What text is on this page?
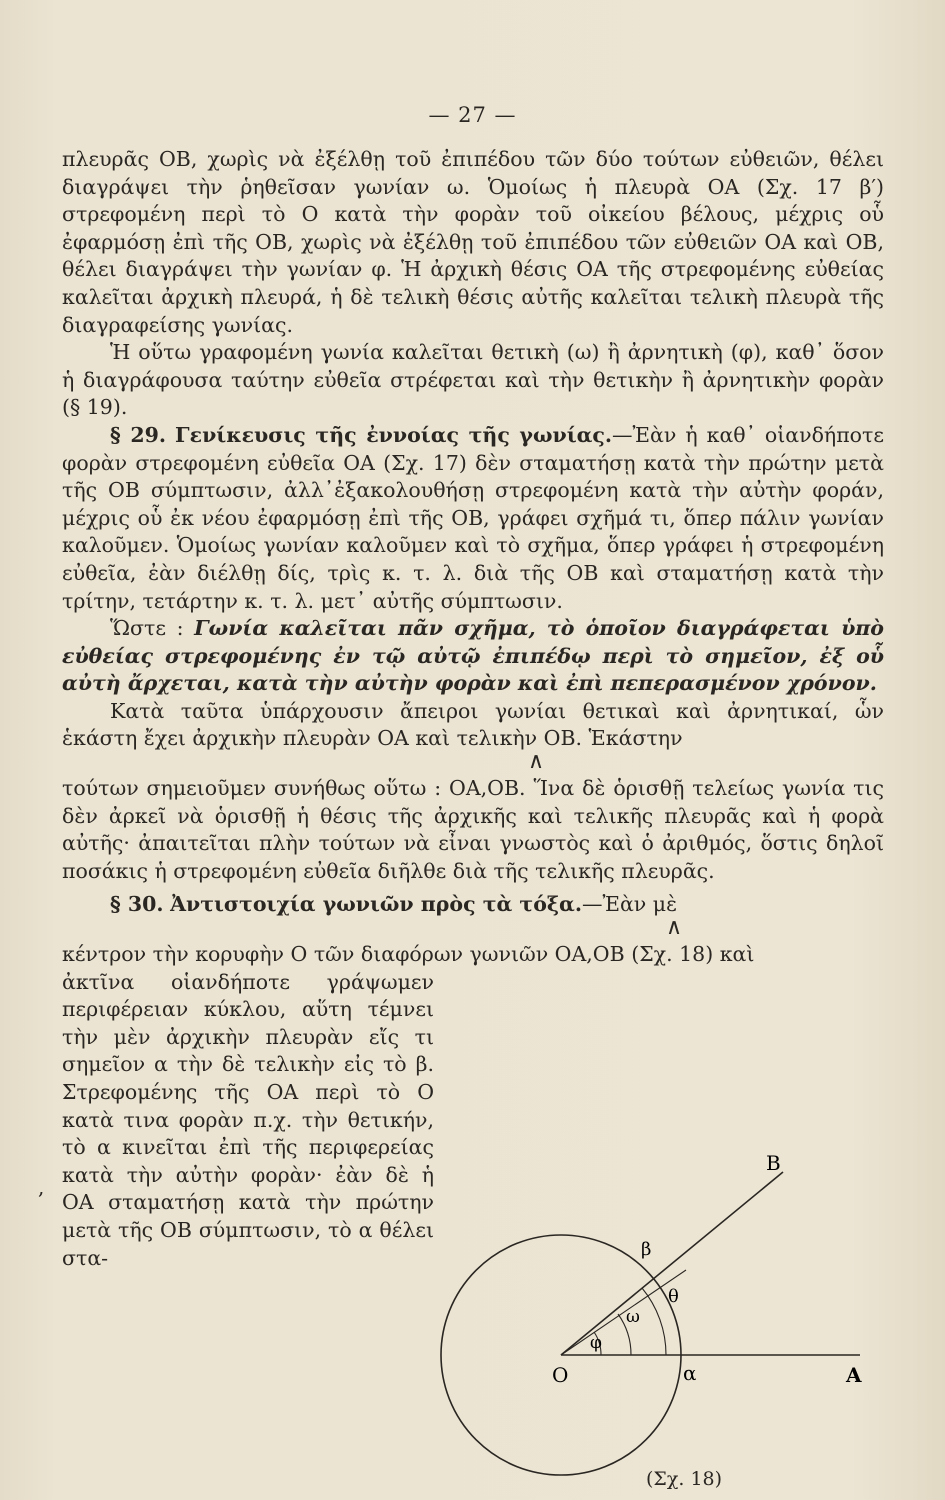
— 27 —

πλευρᾶς ΟΒ, χωρὶς νὰ ἐξέλθῃ τοῦ ἐπιπέδου τῶν δύο τούτων εὐθειῶν, θέλει διαγράψει τὴν ῥηθεῖσαν γωνίαν ω. Ὁμοίως ἡ πλευρὰ ΟΑ (Σχ. 17 β′) στρεφομένη περὶ τὸ Ο κατὰ τὴν φορὰν τοῦ οἰκείου βέλους, μέχρις οὗ ἐφαρμόσῃ ἐπὶ τῆς ΟΒ, χωρὶς νὰ ἐξέλθῃ τοῦ ἐπιπέδου τῶν εὐθειῶν ΟΑ καὶ ΟΒ, θέλει διαγράψει τὴν γωνίαν φ. Ἡ ἀρχικὴ θέσις ΟΑ τῆς στρεφομένης εὐθείας καλεῖται ἀρχικὴ πλευρά, ἡ δὲ τελικὴ θέσις αὐτῆς καλεῖται τελικὴ πλευρὰ τῆς διαγραφείσης γωνίας.

Ἡ οὕτω γραφομένη γωνία καλεῖται θετικὴ (ω) ἢ ἀρνητικὴ (φ), καθ᾽ ὅσον ἡ διαγράφουσα ταύτην εὐθεῖα στρέφεται καὶ τὴν θετικὴν ἢ ἀρνητικὴν φορὰν (§ 19).

§ 29. Γενίκευσις τῆς ἐννοίας τῆς γωνίας.—Ἐὰν ἡ καθ᾽ οἱανδήποτε φορὰν στρεφομένη εὐθεῖα ΟΑ (Σχ. 17) δὲν σταματήσῃ κατὰ τὴν πρώτην μετὰ τῆς ΟΒ σύμπτωσιν, ἀλλ᾽ἐξακολουθήσῃ στρεφομένη κατὰ τὴν αὐτὴν φοράν, μέχρις οὗ ἐκ νέου ἐφαρμόσῃ ἐπὶ τῆς ΟΒ, γράφει σχῆμά τι, ὅπερ πάλιν γωνίαν καλοῦμεν. Ὁμοίως γωνίαν καλοῦμεν καὶ τὸ σχῆμα, ὅπερ γράφει ἡ στρεφομένη εὐθεῖα, ἐὰν διέλθῃ δίς, τρὶς κ. τ. λ. διὰ τῆς ΟΒ καὶ σταματήσῃ κατὰ τὴν τρίτην, τετάρτην κ. τ. λ. μετ᾽ αὐτῆς σύμπτωσιν.

Ὥστε : Γωνία καλεῖται πᾶν σχῆμα, τὸ ὁποῖον διαγράφεται ὑπὸ εὐθείας στρεφομένης ἐν τῷ αὐτῷ ἐπιπέδῳ περὶ τὸ σημεῖον, ἐξ οὗ αὐτὴ ἄρχεται, κατὰ τὴν αὐτὴν φορὰν καὶ ἐπὶ πεπερασμένον χρόνον.

Κατὰ ταῦτα ὑπάρχουσιν ἄπειροι γωνίαι θετικαὶ καὶ ἀρνητικαί, ὧν ἑκάστη ἔχει ἀρχικὴν πλευρὰν ΟΑ καὶ τελικὴν ΟΒ. Ἑκάστην

∧

τούτων σημειοῦμεν συνήθως οὕτω : ΟΑ,ΟΒ. Ἵνα δὲ ὁρισθῇ τελείως γωνία τις δὲν ἀρκεῖ νὰ ὁρισθῇ ἡ θέσις τῆς ἀρχικῆς καὶ τελικῆς πλευρᾶς καὶ ἡ φορὰ αὐτῆς· ἀπαιτεῖται πλὴν τούτων νὰ εἶναι γνωστὸς καὶ ὁ ἀριθμός, ὅστις δηλοῖ ποσάκις ἡ στρεφομένη εὐθεῖα διῆλθε διὰ τῆς τελικῆς πλευρᾶς.

§ 30. Ἀντιστοιχία γωνιῶν πρὸς τὰ τόξα.—Ἐὰν μὲ

∧

κέντρον τὴν κορυφὴν Ο τῶν διαφόρων γωνιῶν ΟΑ,ΟΒ (Σχ. 18) καὶ

ἀκτῖνα οἱανδήποτε γράψωμεν περιφέρειαν κύκλου, αὕτη τέμνει τὴν μὲν ἀρχικὴν πλευρὰν εἴς τι σημεῖον α τὴν δὲ τελικὴν εἰς τὸ β. Στρεφομένης τῆς ΟΑ περὶ τὸ Ο κατὰ τινα φορὰν π.χ. τὴν θετικήν, τὸ α κινεῖται ἐπὶ τῆς περιφερείας κατὰ τὴν αὐτὴν φορὰν· ἐὰν δὲ ἡ ΟΑ σταματήσῃ κατὰ τὴν πρώτην μετὰ τῆς ΟΒ σύμπτωσιν, τὸ α θέλει στα-

,
O	α	A
β
B
θ
ω
φ
(Σχ. 18)
